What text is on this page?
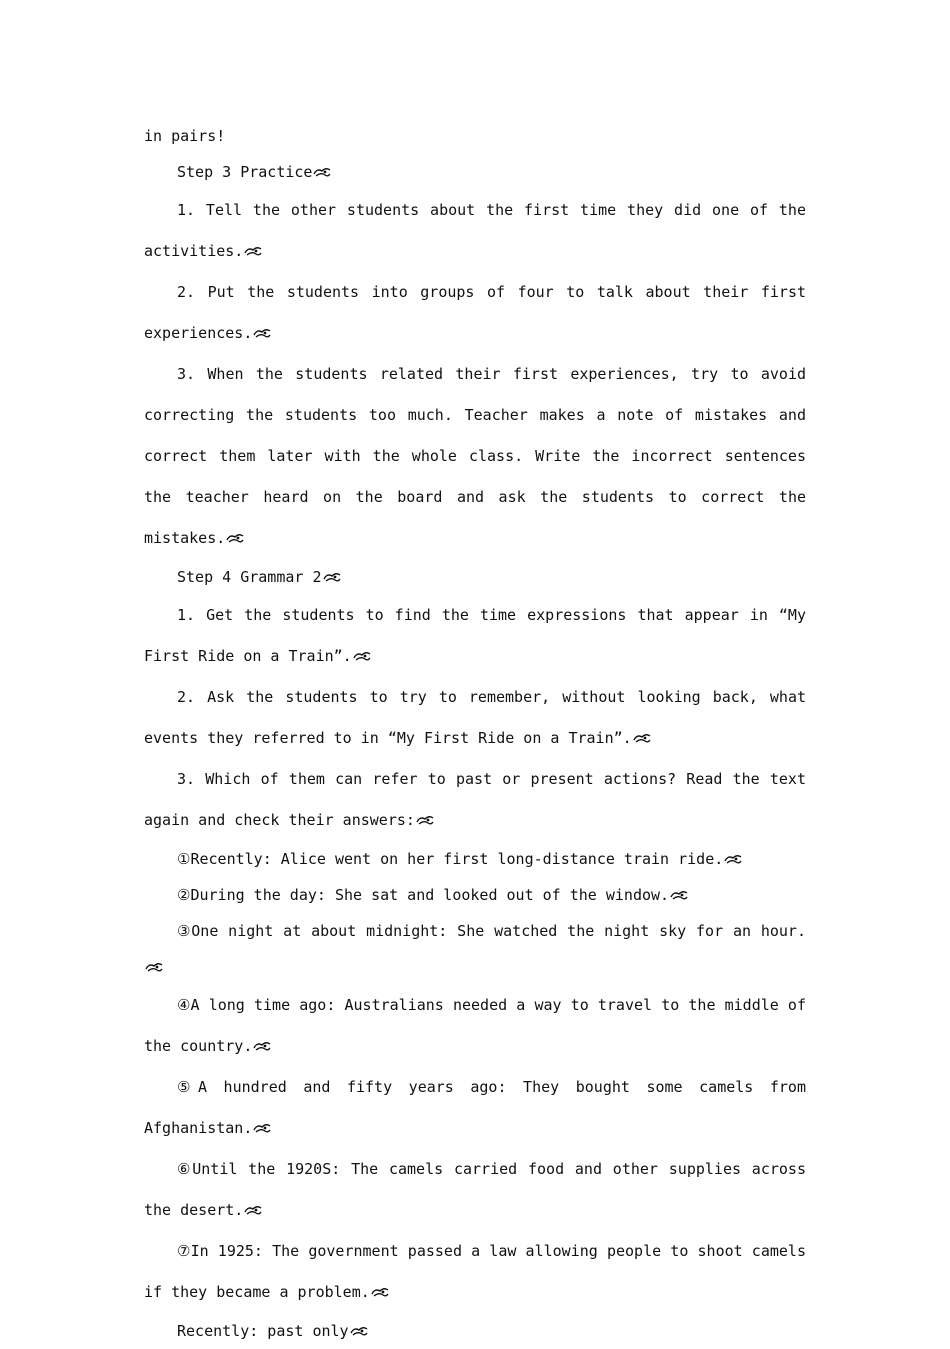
in pairs!

Step 3 Practice

1. Tell the other students about the first time they did one of the activities.

2. Put the students into groups of four to talk about their first experiences.

3. When the students related their first experiences, try to avoid correcting the students too much. Teacher makes a note of mistakes and correct them later with the whole class. Write the incorrect sentences the teacher heard on the board and ask the students to correct the mistakes.

Step 4 Grammar 2

1. Get the students to find the time expressions that appear in “My First Ride on a Train”.

2. Ask the students to try to remember, without looking back, what events they referred to in “My First Ride on a Train”.

3. Which of them can refer to past or present actions? Read the text again and check their answers:

①Recently: Alice went on her first long-distance train ride.

②During the day: She sat and looked out of the window.

③One night at about midnight: She watched the night sky for an hour.

④A long time ago: Australians needed a way to travel to the middle of the country.

⑤A hundred and fifty years ago: They bought some camels from Afghanistan.

⑥Until the 1920S: The camels carried food and other supplies across the desert.

⑦In 1925: The government passed a law allowing people to shoot camels if they became a problem.

Recently: past only
